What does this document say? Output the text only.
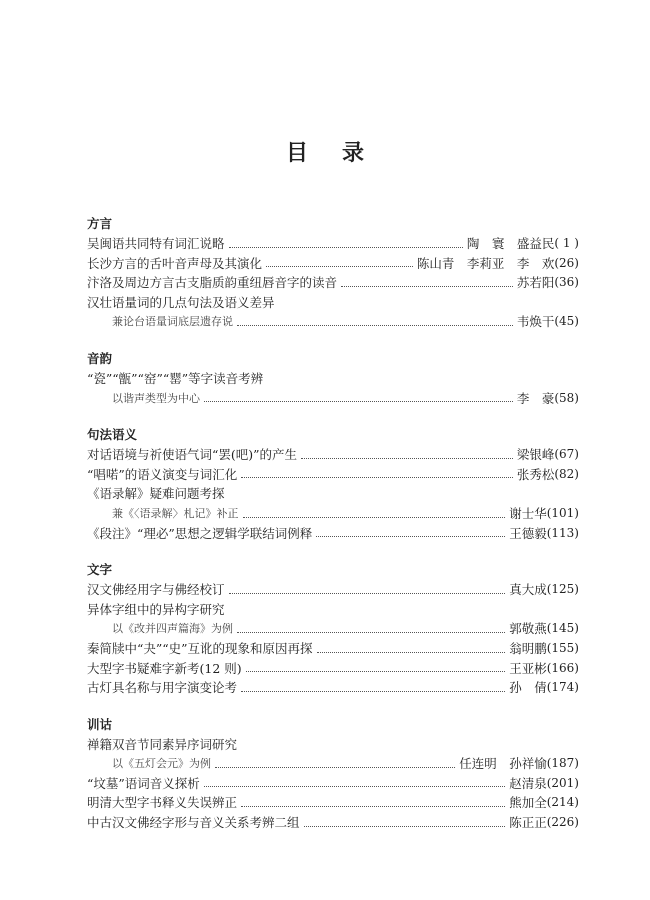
目录
方言
吴闽语共同特有词汇说略	陶　寰　盛益民 ( 1 )
长沙方言的舌叶音声母及其演化	陈山青　李莉亚　李　欢 (26)
汴洛及周边方言古支脂质韵重纽唇音字的读音	苏若阳 (36)
汉壮语量词的几点句法及语义差异
兼论台语量词底层遗存说	韦焕干 (45)
音韵
“瓷”“甑”“窑”“罂”等字读音考辨
以谐声类型为中心	李　豪 (58)
句法语义
对话语境与祈使语气词“罢(吧)”的产生	梁银峰 (67)
“唱喏”的语义演变与词汇化	张秀松 (82)
《语录解》疑难问题考探
兼《〈语录解〉札记》补正	谢士华 (101)
《段注》“理必”思想之逻辑学联结词例释	王德毅 (113)
文字
汉文佛经用字与佛经校订	真大成 (125)
异体字组中的异构字研究
以《改并四声篇海》为例	郭敬燕 (145)
秦简牍中“夬”“史”互讹的现象和原因再探	翁明鹏 (155)
大型字书疑难字新考(12 则)	王亚彬 (166)
古灯具名称与用字演变论考	孙　倩 (174)
训诂
禅籍双音节同素异序词研究
以《五灯会元》为例	任连明　孙祥愉 (187)
“坟墓”语词音义探析	赵清泉 (201)
明清大型字书释义失误辨正	熊加全 (214)
中古汉文佛经字形与音义关系考辨二组	陈正正 (226)
